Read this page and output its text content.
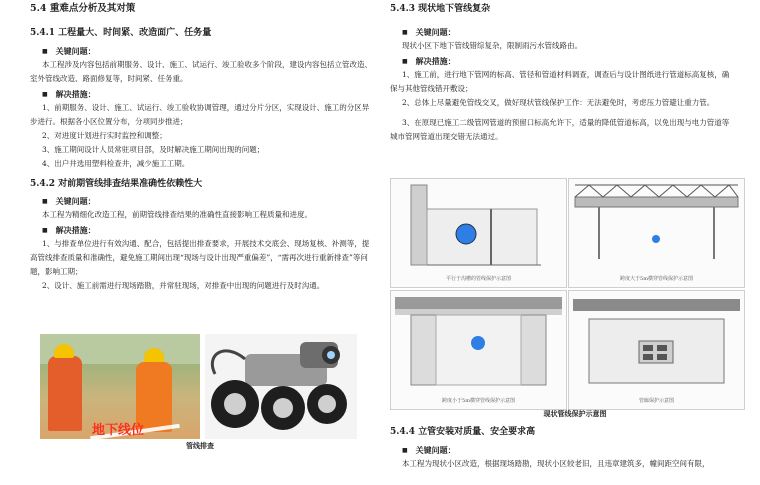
5.4 重难点分析及其对策
5.4.1 工程量大、时间紧、改造面广、任务量
■ 关键问题：

本工程涉及内容包括前期服务、设计、施工、试运行、竣工验收多个阶段，建设内容包括立管改造、室外管线改造、路面修复等，时间紧、任务重。

■ 解决措施：

1、前期服务、设计、施工、试运行、竣工验收协调管理，通过分片分区，实现设计、施工的分区异步进行。根据各小区位置分布，分项同步推进；

2、对进度计划进行实时监控和调整；

3、施工期间设计人员常驻项目部，及时解决施工期间出现的问题；

4、出户井选用塑料检查井，减少施工工期。

5.4.2 对前期管线排查结果准确性依赖性大
■ 关键问题：

本工程为精细化改造工程，前期管线排查结果的准确性直接影响工程质量和进度。

■ 解决措施：

1、与排查单位进行有效沟通、配合，包括提出排查要求，开展技术交底会、现场复核、补测等，提高管线排查质量和准确性，避免施工期间出现“现场与设计出现严重偏差”，“需再次进行重新排查”等问题，影响工期；

2、设计、施工前需进行现场踏勘，并常驻现场，对排查中出现的问题进行及时沟通。

地下线位
管线排查
5.4.3 现状地下管线复杂
■ 关键问题：

现状小区下地下管线错综复杂，限制雨污水管线路由。

■ 解决措施：

1、施工前，进行地下管网的标高、管径和管道材料调查，调查后与设计图纸进行管道标高复核，确保与其他管线错开敷设；

2、总体上尽量避免管线交叉，做好现状管线保护工作：无法避免时，考虑压力管避让重力管。

3、在原现已施工二级管网管道的预留口标高允许下，适量的降低管道标高，以免出现与电力管道等城市管网管道出现交错无法通过。

平行于沟槽的管线保护示意图	跨度大于5m横穿管线保护示意图
跨度小于5m横穿管线保护示意图	管廊保护示意图
现状管线保护示意图
5.4.4 立管安装对质量、安全要求高
■ 关键问题：

本工程为现状小区改造，根据现场踏勘，现状小区较老旧，且违章建筑多，幢间距空间有限，
